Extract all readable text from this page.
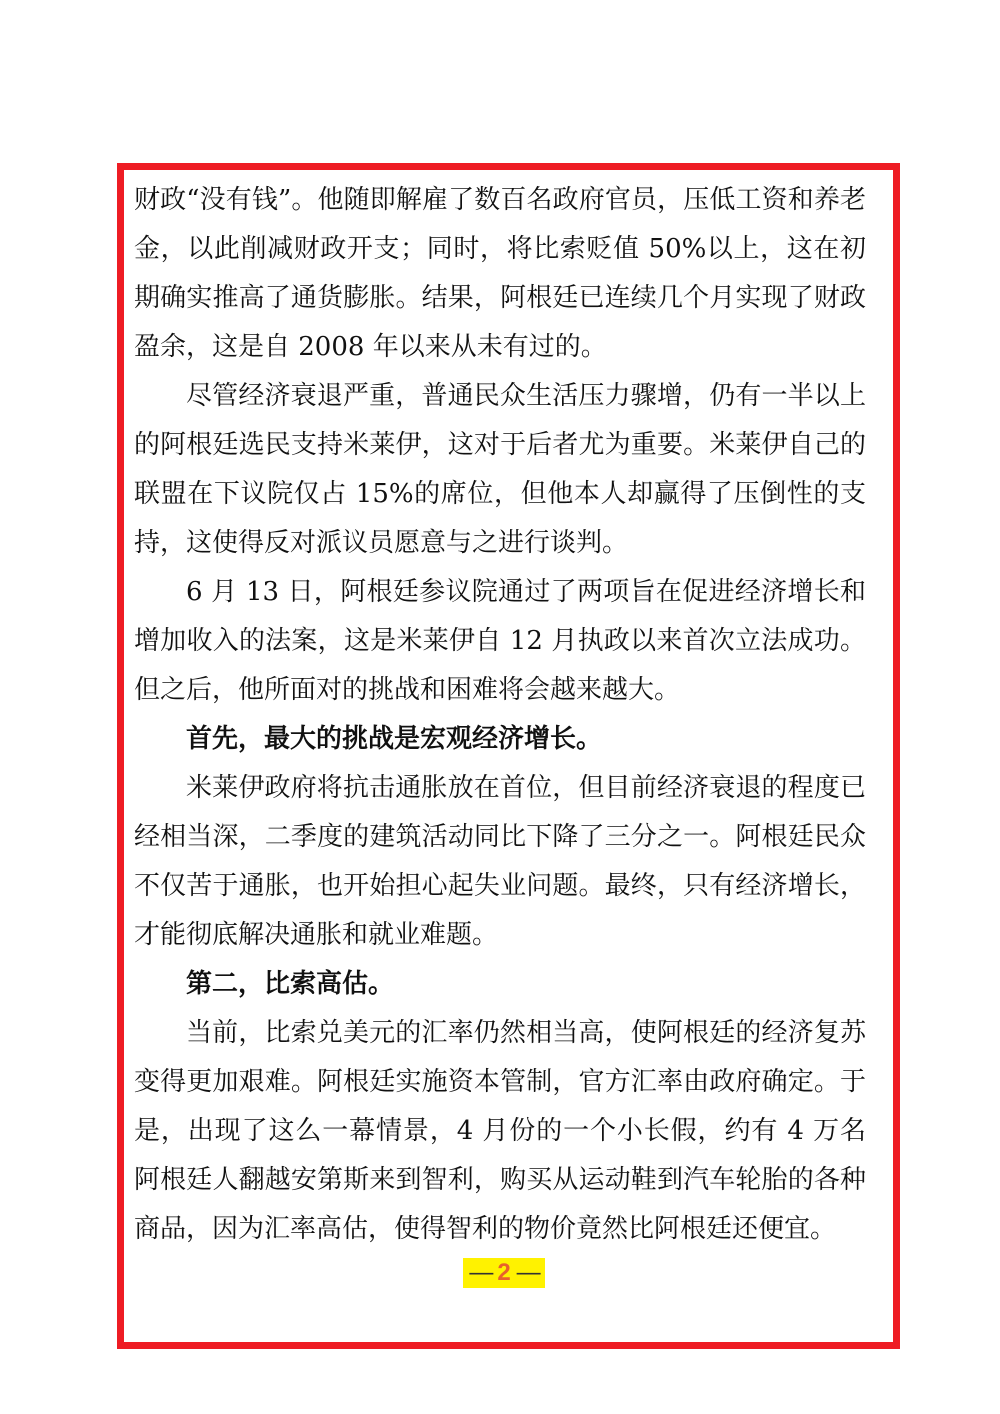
财政“没有钱”。他随即解雇了数百名政府官员，压低工资和养老金，以此削减财政开支；同时，将比索贬值 50%以上，这在初期确实推高了通货膨胀。结果，阿根廷已连续几个月实现了财政盈余，这是自 2008 年以来从未有过的。

尽管经济衰退严重，普通民众生活压力骤增，仍有一半以上的阿根廷选民支持米莱伊，这对于后者尤为重要。米莱伊自己的联盟在下议院仅占 15%的席位，但他本人却赢得了压倒性的支持，这使得反对派议员愿意与之进行谈判。

6 月 13 日，阿根廷参议院通过了两项旨在促进经济增长和增加收入的法案，这是米莱伊自 12 月执政以来首次立法成功。但之后，他所面对的挑战和困难将会越来越大。

首先，最大的挑战是宏观经济增长。

米莱伊政府将抗击通胀放在首位，但目前经济衰退的程度已经相当深，二季度的建筑活动同比下降了三分之一。阿根廷民众不仅苦于通胀，也开始担心起失业问题。最终，只有经济增长，才能彻底解决通胀和就业难题。

第二，比索高估。

当前，比索兑美元的汇率仍然相当高，使阿根廷的经济复苏变得更加艰难。阿根廷实施资本管制，官方汇率由政府确定。于是，出现了这么一幕情景，4 月份的一个小长假，约有 4 万名阿根廷人翻越安第斯来到智利，购买从运动鞋到汽车轮胎的各种商品，因为汇率高估，使得智利的物价竟然比阿根廷还便宜。

— 2 —
